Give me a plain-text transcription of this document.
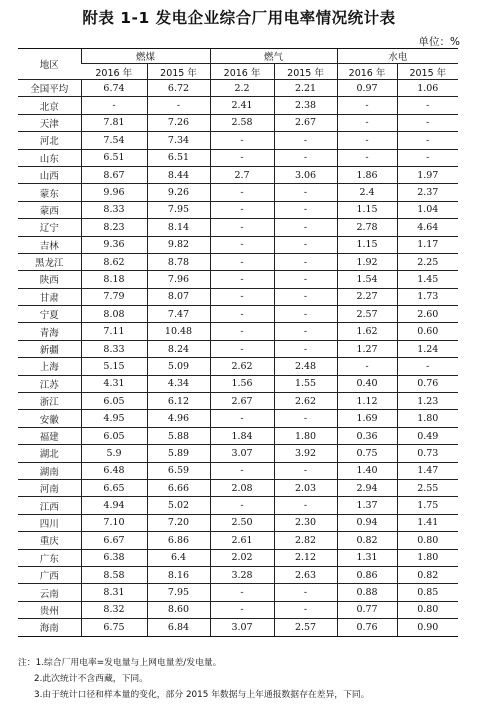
附表 1-1 发电企业综合厂用电率情况统计表
单位：%
地区	燃煤		燃气		水电	
	2016 年	2015 年	2016 年	2015 年	2016 年	2015 年
全国平均	6.74	6.72	2.2	2.21	0.97	1.06
北京	-	-	2.41	2.38	-	-
天津	7.81	7.26	2.58	2.67	-	-
河北	7.54	7.34	-	-	-	-
山东	6.51	6.51	-	-	-	-
山西	8.67	8.44	2.7	3.06	1.86	1.97
蒙东	9.96	9.26	-	-	2.4	2.37
蒙西	8.33	7.95	-	-	1.15	1.04
辽宁	8.23	8.14	-	-	2.78	4.64
吉林	9.36	9.82	-	-	1.15	1.17
黑龙江	8.62	8.78	-	-	1.92	2.25
陕西	8.18	7.96	-	-	1.54	1.45
甘肃	7.79	8.07	-	-	2.27	1.73
宁夏	8.08	7.47	-	-	2.57	2.60
青海	7.11	10.48	-	-	1.62	0.60
新疆	8.33	8.24	-	-	1.27	1.24
上海	5.15	5.09	2.62	2.48	-	-
江苏	4.31	4.34	1.56	1.55	0.40	0.76
浙江	6.05	6.12	2.67	2.62	1.12	1.23
安徽	4.95	4.96	-	-	1.69	1.80
福建	6.05	5.88	1.84	1.80	0.36	0.49
湖北	5.9	5.89	3.07	3.92	0.75	0.73
湖南	6.48	6.59	-	-	1.40	1.47
河南	6.65	6.66	2.08	2.03	2.94	2.55
江西	4.94	5.02	-	-	1.37	1.75
四川	7.10	7.20	2.50	2.30	0.94	1.41
重庆	6.67	6.86	2.61	2.82	0.82	0.80
广东	6.38	6.4	2.02	2.12	1.31	1.80
广西	8.58	8.16	3.28	2.63	0.86	0.82
云南	8.31	7.95	-	-	0.88	0.85
贵州	8.32	8.60	-	-	0.77	0.80
海南	6.75	6.84	3.07	2.57	0.76	0.90
注：1.综合厂用电率=发电量与上网电量差/发电量。
2.此次统计不含西藏，下同。
3.由于统计口径和样本量的变化，部分 2015 年数据与上年通报数据存在差异，下同。
